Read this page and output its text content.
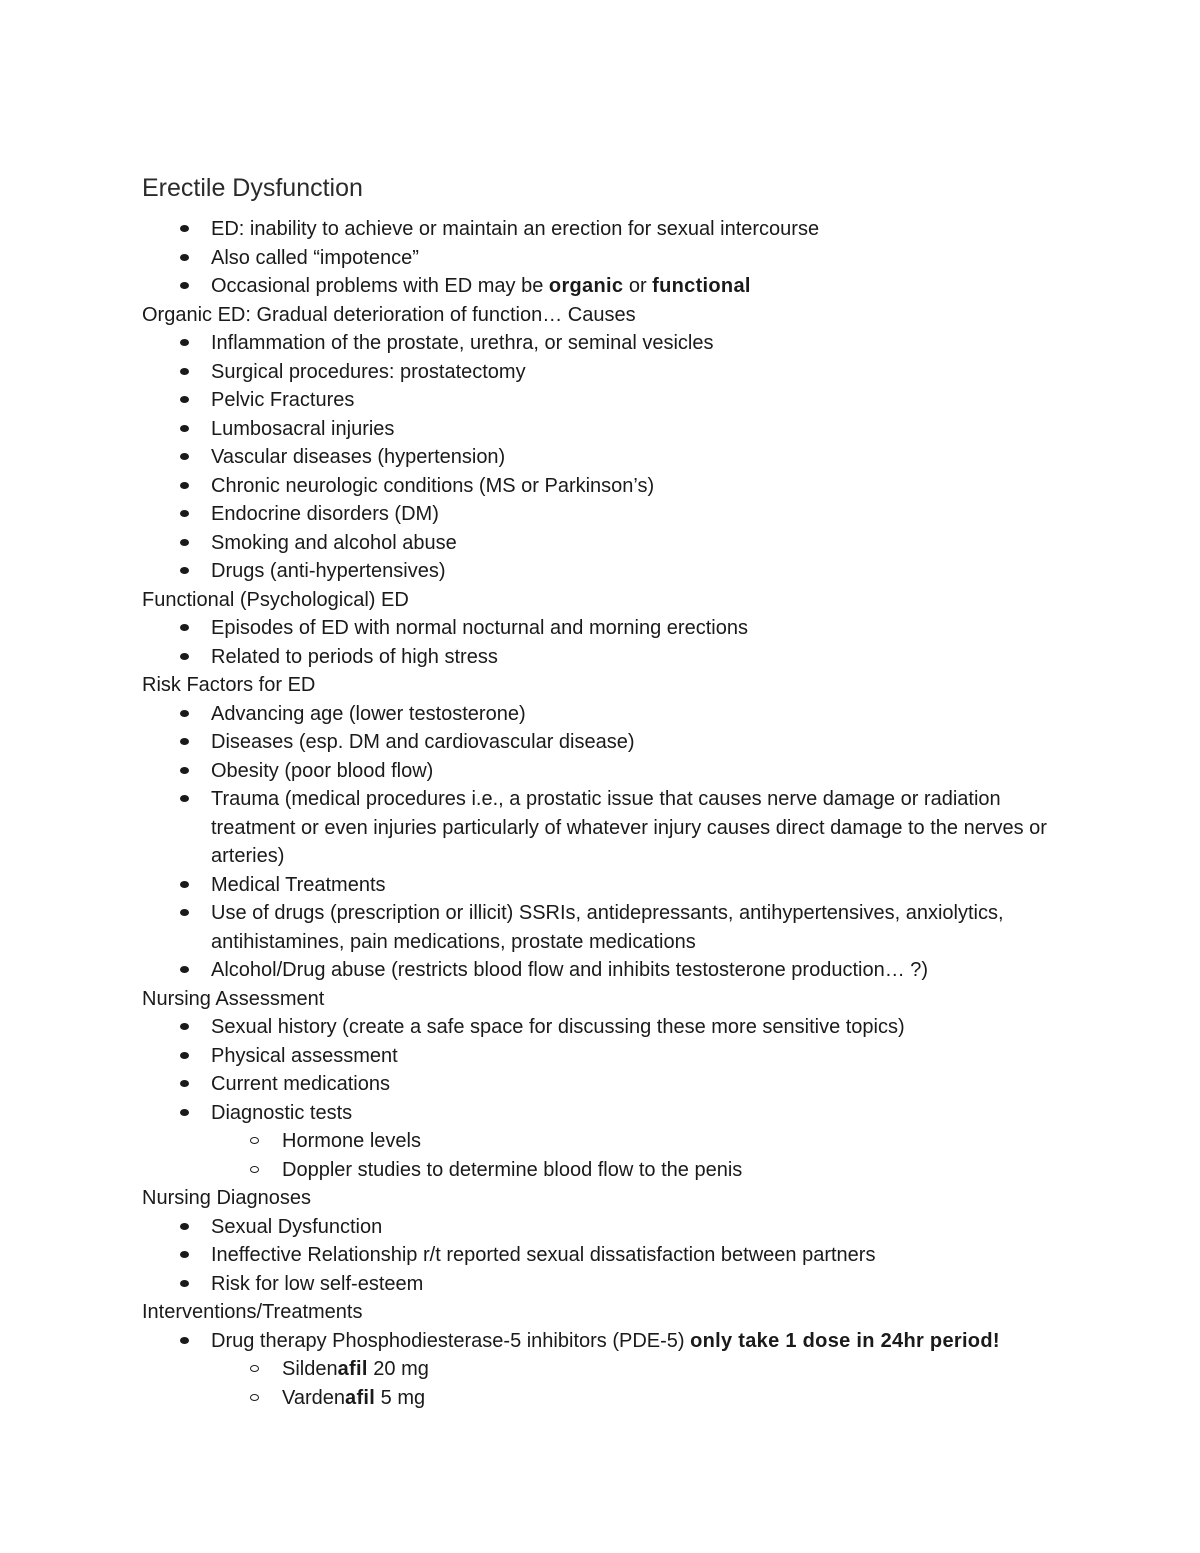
Erectile Dysfunction
ED: inability to achieve or maintain an erection for sexual intercourse
Also called “impotence”
Occasional problems with ED may be organic or functional
Organic ED: Gradual deterioration of function… Causes
Inflammation of the prostate, urethra, or seminal vesicles
Surgical procedures: prostatectomy
Pelvic Fractures
Lumbosacral injuries
Vascular diseases (hypertension)
Chronic neurologic conditions (MS or Parkinson’s)
Endocrine disorders (DM)
Smoking and alcohol abuse
Drugs (anti-hypertensives)
Functional (Psychological) ED
Episodes of ED with normal nocturnal and morning erections
Related to periods of high stress
Risk Factors for ED
Advancing age (lower testosterone)
Diseases (esp. DM and cardiovascular disease)
Obesity (poor blood flow)
Trauma (medical procedures i.e., a prostatic issue that causes nerve damage or radiation treatment or even injuries particularly of whatever injury causes direct damage to the nerves or arteries)
Medical Treatments
Use of drugs (prescription or illicit) SSRIs, antidepressants, antihypertensives, anxiolytics, antihistamines, pain medications, prostate medications
Alcohol/Drug abuse (restricts blood flow and inhibits testosterone production… ?)
Nursing Assessment
Sexual history (create a safe space for discussing these more sensitive topics)
Physical assessment
Current medications
Diagnostic tests
Hormone levels
Doppler studies to determine blood flow to the penis
Nursing Diagnoses
Sexual Dysfunction
Ineffective Relationship r/t reported sexual dissatisfaction between partners
Risk for low self-esteem
Interventions/Treatments
Drug therapy Phosphodiesterase-5 inhibitors (PDE-5) only take 1 dose in 24hr period!
Sildenafil 20 mg
Vardenafil 5 mg
